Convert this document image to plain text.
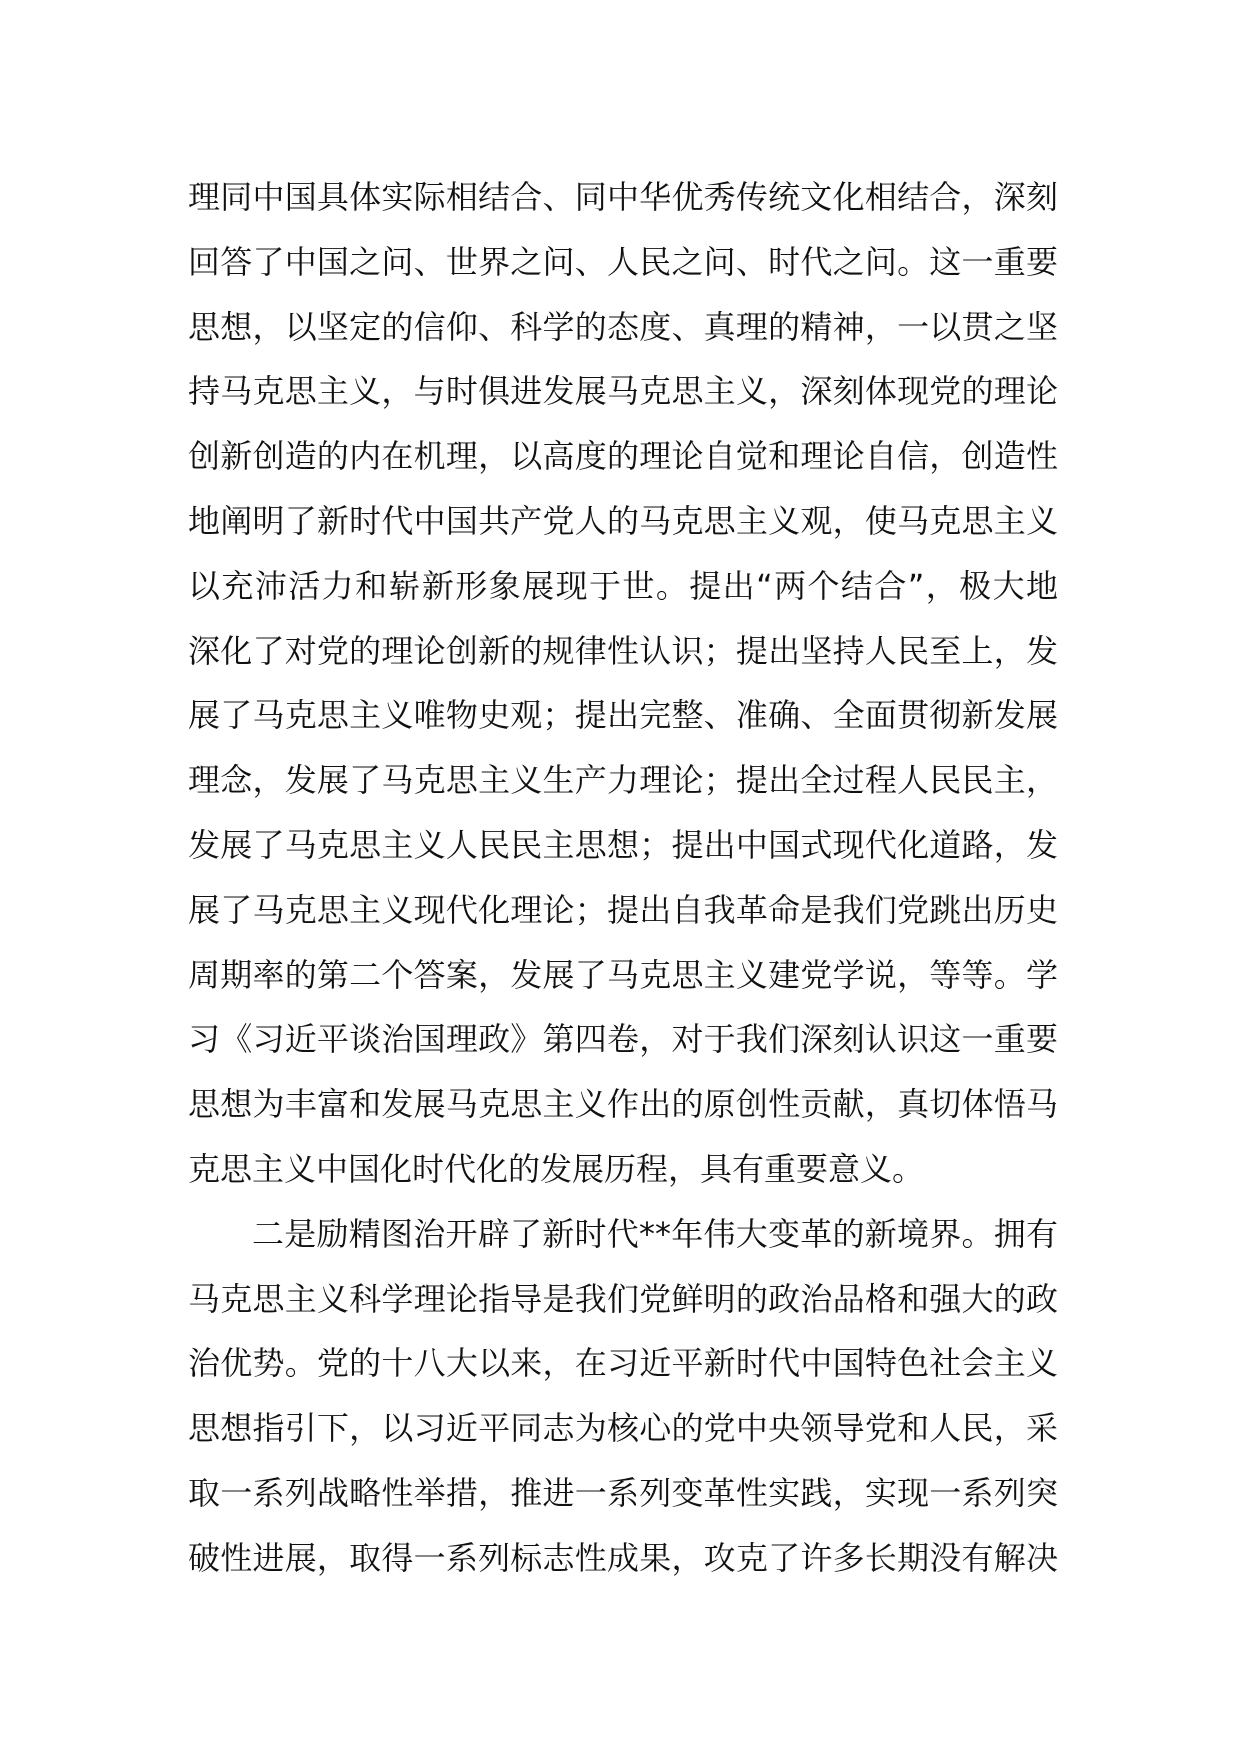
理同中国具体实际相结合、同中华优秀传统文化相结合，深刻
回答了中国之问、世界之问、人民之问、时代之问。这一重要
思想，以坚定的信仰、科学的态度、真理的精神，一以贯之坚
持马克思主义，与时俱进发展马克思主义，深刻体现党的理论
创新创造的内在机理，以高度的理论自觉和理论自信，创造性
地阐明了新时代中国共产党人的马克思主义观，使马克思主义
以充沛活力和崭新形象展现于世。提出“两个结合”，极大地
深化了对党的理论创新的规律性认识；提出坚持人民至上，发
展了马克思主义唯物史观；提出完整、准确、全面贯彻新发展
理念，发展了马克思主义生产力理论；提出全过程人民民主，
发展了马克思主义人民民主思想；提出中国式现代化道路，发
展了马克思主义现代化理论；提出自我革命是我们党跳出历史
周期率的第二个答案，发展了马克思主义建党学说，等等。学
习《习近平谈治国理政》第四卷，对于我们深刻认识这一重要
思想为丰富和发展马克思主义作出的原创性贡献，真切体悟马
克思主义中国化时代化的发展历程，具有重要意义。
二是励精图治开辟了新时代**年伟大变革的新境界。拥有
马克思主义科学理论指导是我们党鲜明的政治品格和强大的政
治优势。党的十八大以来，在习近平新时代中国特色社会主义
思想指引下，以习近平同志为核心的党中央领导党和人民，采
取一系列战略性举措，推进一系列变革性实践，实现一系列突
破性进展，取得一系列标志性成果，攻克了许多长期没有解决
